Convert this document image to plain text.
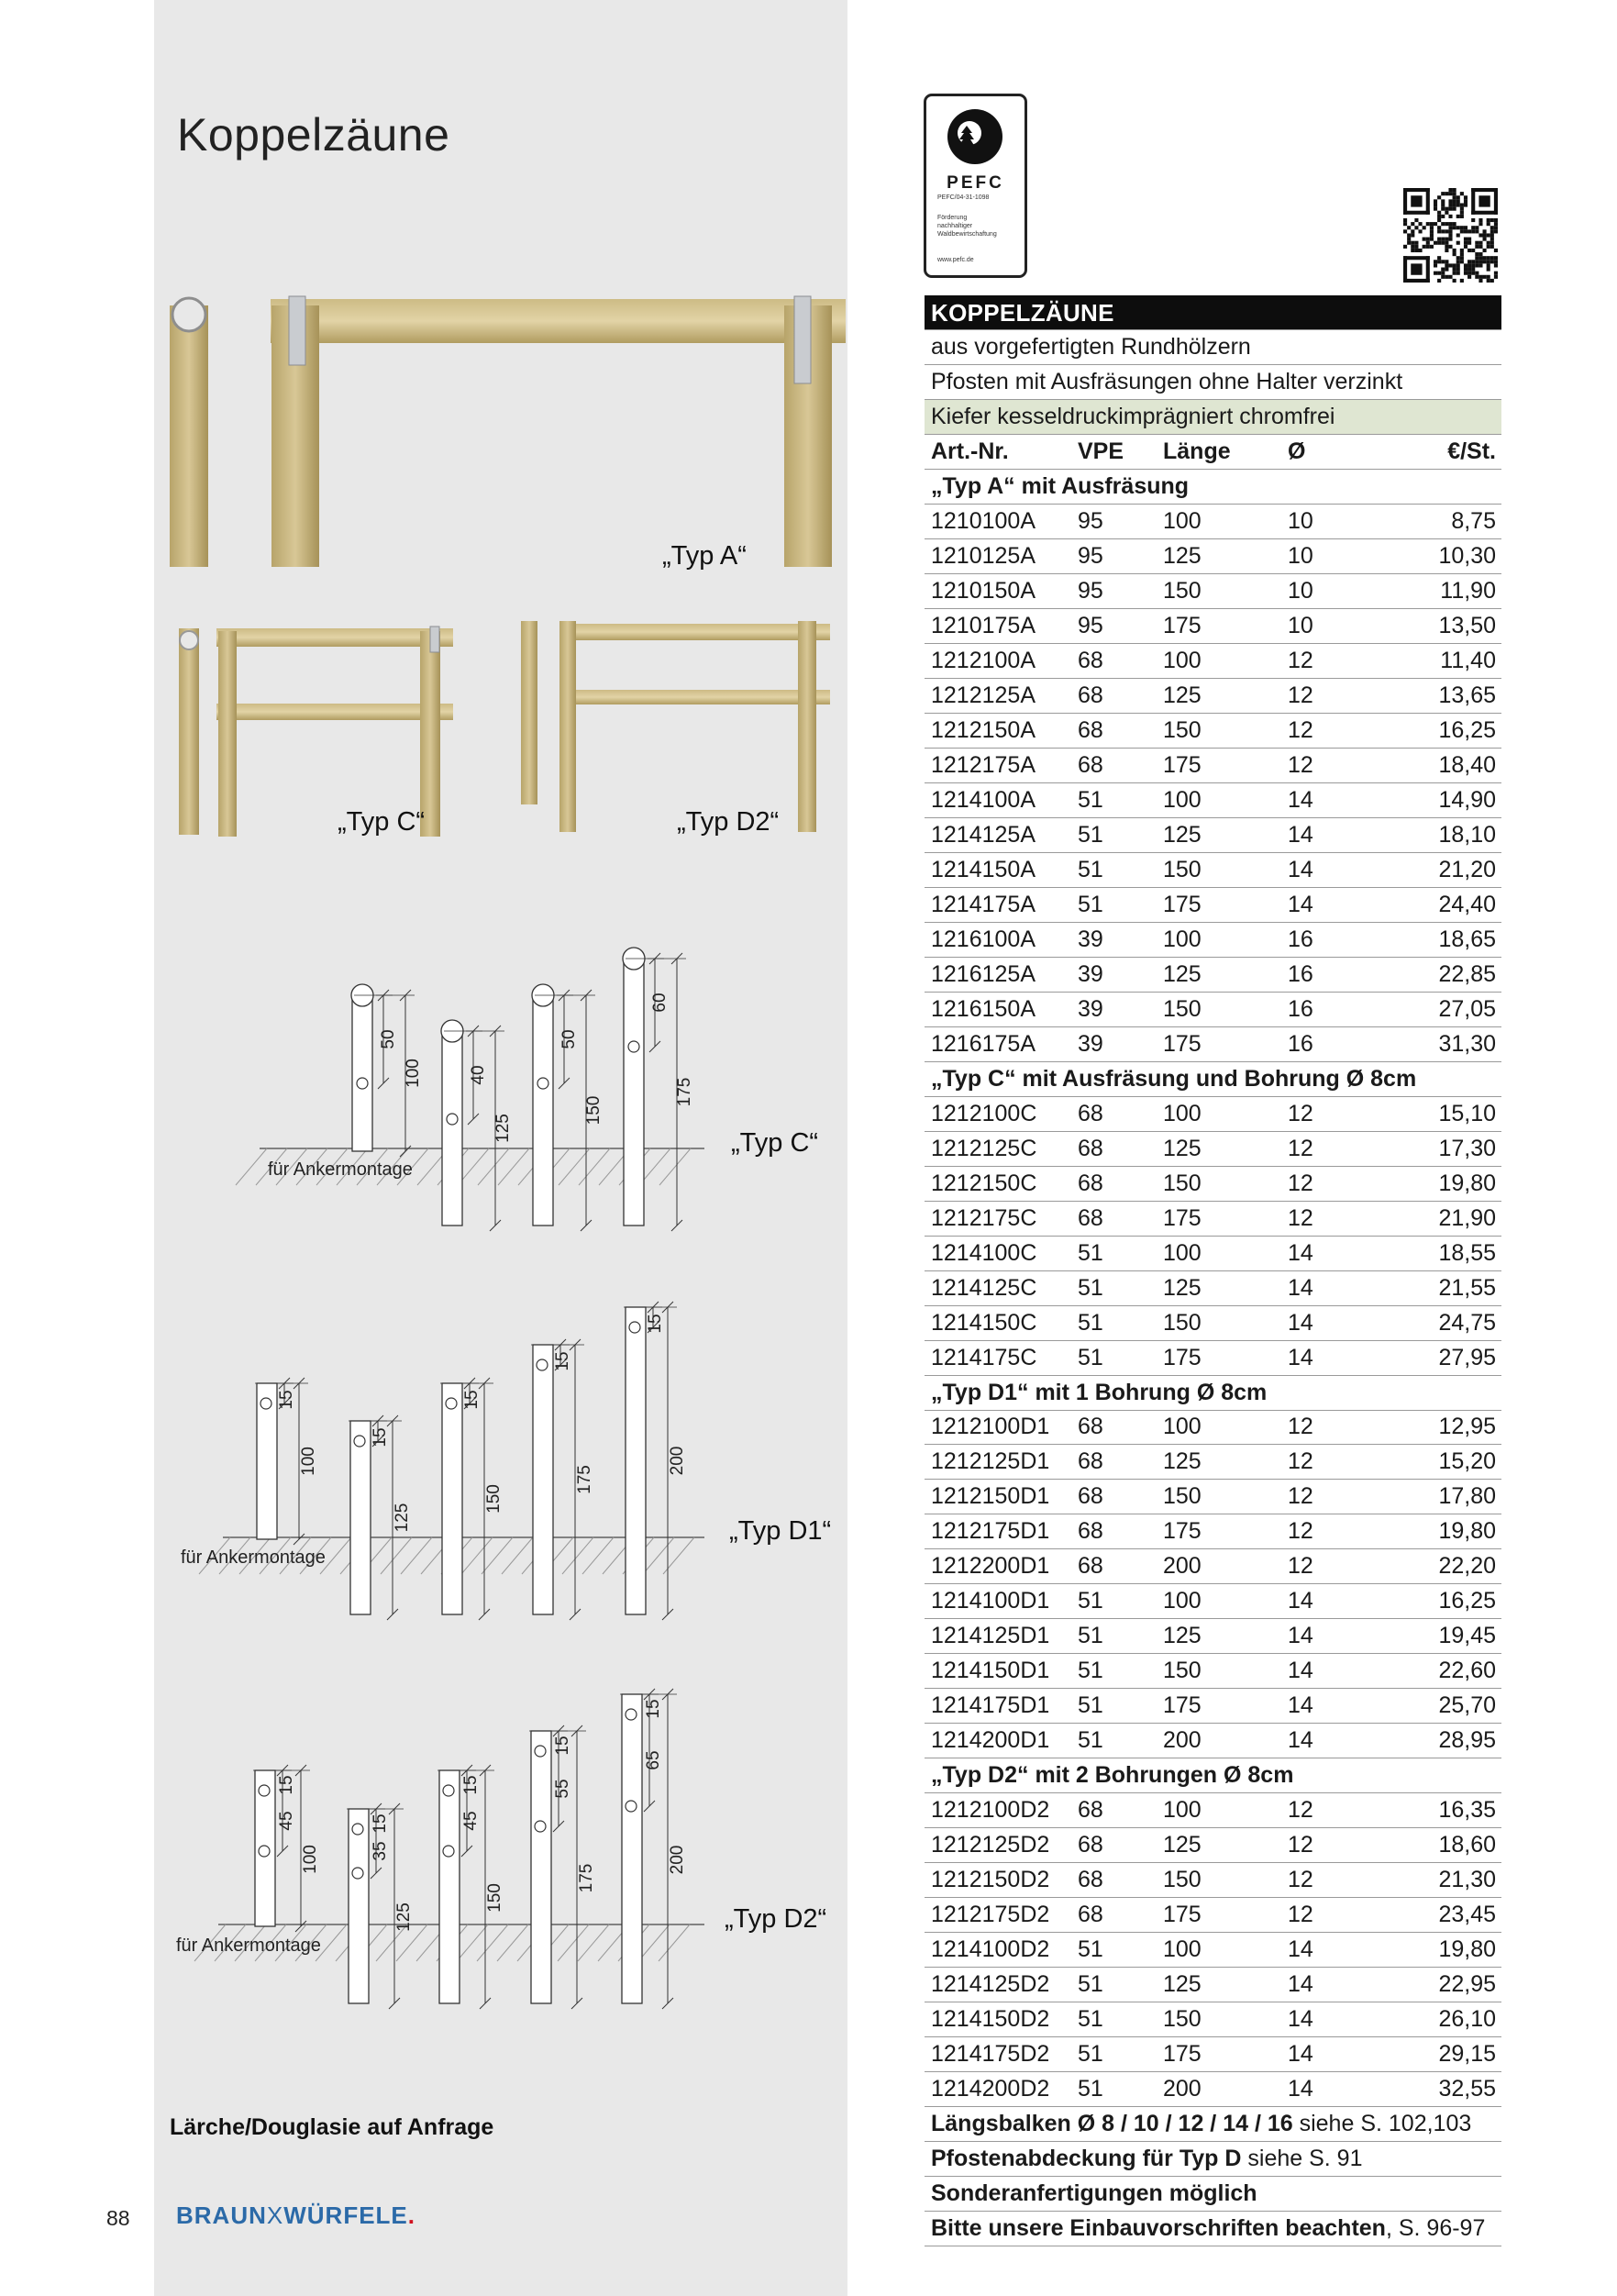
Koppelzäune
„Typ A“
„Typ C“	„Typ D2“
50
100	40
125
50
150
60
175
15
100
15
125
15
150
15
175
15
200
15
45
100
15
35
125
15
45
150
15
55
175
15
65
200
für Ankermontage
für Ankermontage
für Ankermontage
„Typ C“
„Typ D1“
„Typ D2“
Lärche/Douglasie auf Anfrage
88 BRAUNXWÜRFELE.
PEFC
PEFC/04-31-1098
Förderung
nachhaltiger
Waldbewirtschaftung
www.pefc.de
KOPPELZÄUNE				
aus vorgefertigten Rundhölzern				
Pfosten mit Ausfräsungen ohne Halter verzinkt				
Kiefer kesseldruckimprägniert chromfrei				
Art.-Nr.	VPE	Länge	Ø	€/St.
„Typ A“ mit Ausfräsung				
1210100A	95	100	10	8,75
1210125A	95	125	10	10,30
1210150A	95	150	10	11,90
1210175A	95	175	10	13,50
1212100A	68	100	12	11,40
1212125A	68	125	12	13,65
1212150A	68	150	12	16,25
1212175A	68	175	12	18,40
1214100A	51	100	14	14,90
1214125A	51	125	14	18,10
1214150A	51	150	14	21,20
1214175A	51	175	14	24,40
1216100A	39	100	16	18,65
1216125A	39	125	16	22,85
1216150A	39	150	16	27,05
1216175A	39	175	16	31,30
„Typ C“ mit Ausfräsung und Bohrung Ø 8cm				
1212100C	68	100	12	15,10
1212125C	68	125	12	17,30
1212150C	68	150	12	19,80
1212175C	68	175	12	21,90
1214100C	51	100	14	18,55
1214125C	51	125	14	21,55
1214150C	51	150	14	24,75
1214175C	51	175	14	27,95
„Typ D1“ mit 1 Bohrung Ø 8cm				
1212100D1	68	100	12	12,95
1212125D1	68	125	12	15,20
1212150D1	68	150	12	17,80
1212175D1	68	175	12	19,80
1212200D1	68	200	12	22,20
1214100D1	51	100	14	16,25
1214125D1	51	125	14	19,45
1214150D1	51	150	14	22,60
1214175D1	51	175	14	25,70
1214200D1	51	200	14	28,95
„Typ D2“ mit 2 Bohrungen Ø 8cm				
1212100D2	68	100	12	16,35
1212125D2	68	125	12	18,60
1212150D2	68	150	12	21,30
1212175D2	68	175	12	23,45
1214100D2	51	100	14	19,80
1214125D2	51	125	14	22,95
1214150D2	51	150	14	26,10
1214175D2	51	175	14	29,15
1214200D2	51	200	14	32,55
Längsbalken Ø 8 / 10 / 12 / 14 / 16 siehe S. 102,103				
Pfostenabdeckung für Typ D siehe S. 91				
Sonderanfertigungen möglich				
Bitte unsere Einbauvorschriften beachten, S. 96-97				
